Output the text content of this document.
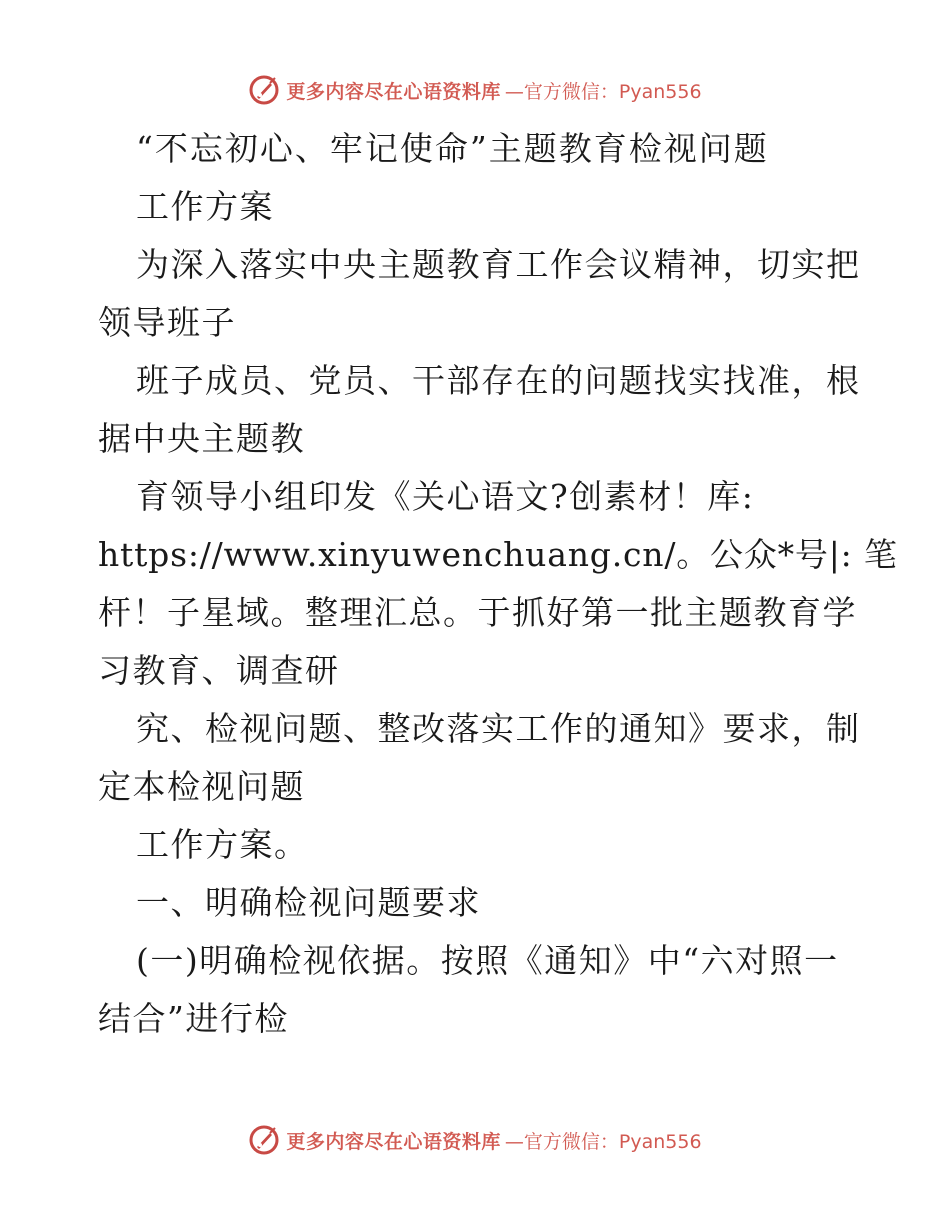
更多内容尽在心语资料库 —官方微信：Pyan556
“不忘初心、牢记使命”主题教育检视问题
工作方案
为深入落实中央主题教育工作会议精神，切实把
领导班子
班子成员、党员、干部存在的问题找实找准，根
据中央主题教
育领导小组印发《关心语文?创素材！库:
https://www.xinyuwenchuang.cn/。公众*号|: 笔
杆！子星域。整理汇总。于抓好第一批主题教育学
习教育、调查研
究、检视问题、整改落实工作的通知》要求，制
定本检视问题
工作方案。
一、明确检视问题要求
(一)明确检视依据。按照《通知》中“六对照一
结合”进行检
更多内容尽在心语资料库 —官方微信：Pyan556
